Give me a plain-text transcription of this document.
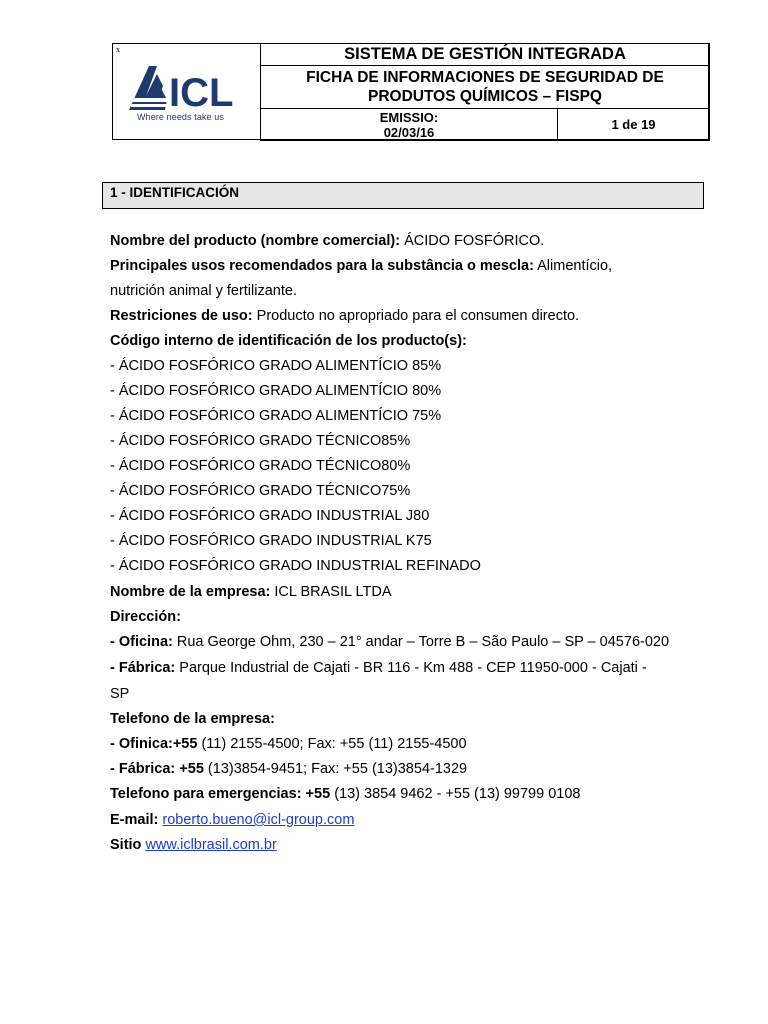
x
ICL
Where needs take us
SISTEMA DE GESTIÓN INTEGRADA
FICHA DE INFORMACIONES DE SEGURIDAD DE
PRODUTOS QUÍMICOS – FISPQ
EMISSIO:
02/03/16	1 de 19
1 - IDENTIFICACIÓN
Nombre del producto (nombre comercial): ÁCIDO FOSFÓRICO.
Principales usos recomendados para la substância o mescla: Alimentício,
nutrición animal y fertilizante.
Restriciones de uso: Producto no apropriado para el consumen directo.
Código interno de identificación de los producto(s):
- ÁCIDO FOSFÓRICO GRADO ALIMENTÍCIO 85%
- ÁCIDO FOSFÓRICO GRADO ALIMENTÍCIO 80%
- ÁCIDO FOSFÓRICO GRADO ALIMENTÍCIO 75%
- ÁCIDO FOSFÓRICO GRADO TÉCNICO85%
- ÁCIDO FOSFÓRICO GRADO TÉCNICO80%
- ÁCIDO FOSFÓRICO GRADO TÉCNICO75%
- ÁCIDO FOSFÓRICO GRADO INDUSTRIAL J80
- ÁCIDO FOSFÓRICO GRADO INDUSTRIAL K75
- ÁCIDO FOSFÓRICO GRADO INDUSTRIAL REFINADO
Nombre de la empresa: ICL BRASIL LTDA
Dirección:
- Oficina: Rua George Ohm, 230 – 21° andar – Torre B – São Paulo – SP – 04576-020
- Fábrica: Parque Industrial de Cajati - BR 116 - Km 488 - CEP 11950-000 - Cajati -
SP
Telefono de la empresa:
- Ofinica:+55 (11) 2155-4500; Fax: +55 (11) 2155-4500
- Fábrica: +55 (13)3854-9451; Fax: +55 (13)3854-1329
Telefono para emergencias: +55 (13) 3854 9462 - +55 (13) 99799 0108
E-mail: roberto.bueno@icl-group.com
Sitio www.iclbrasil.com.br
